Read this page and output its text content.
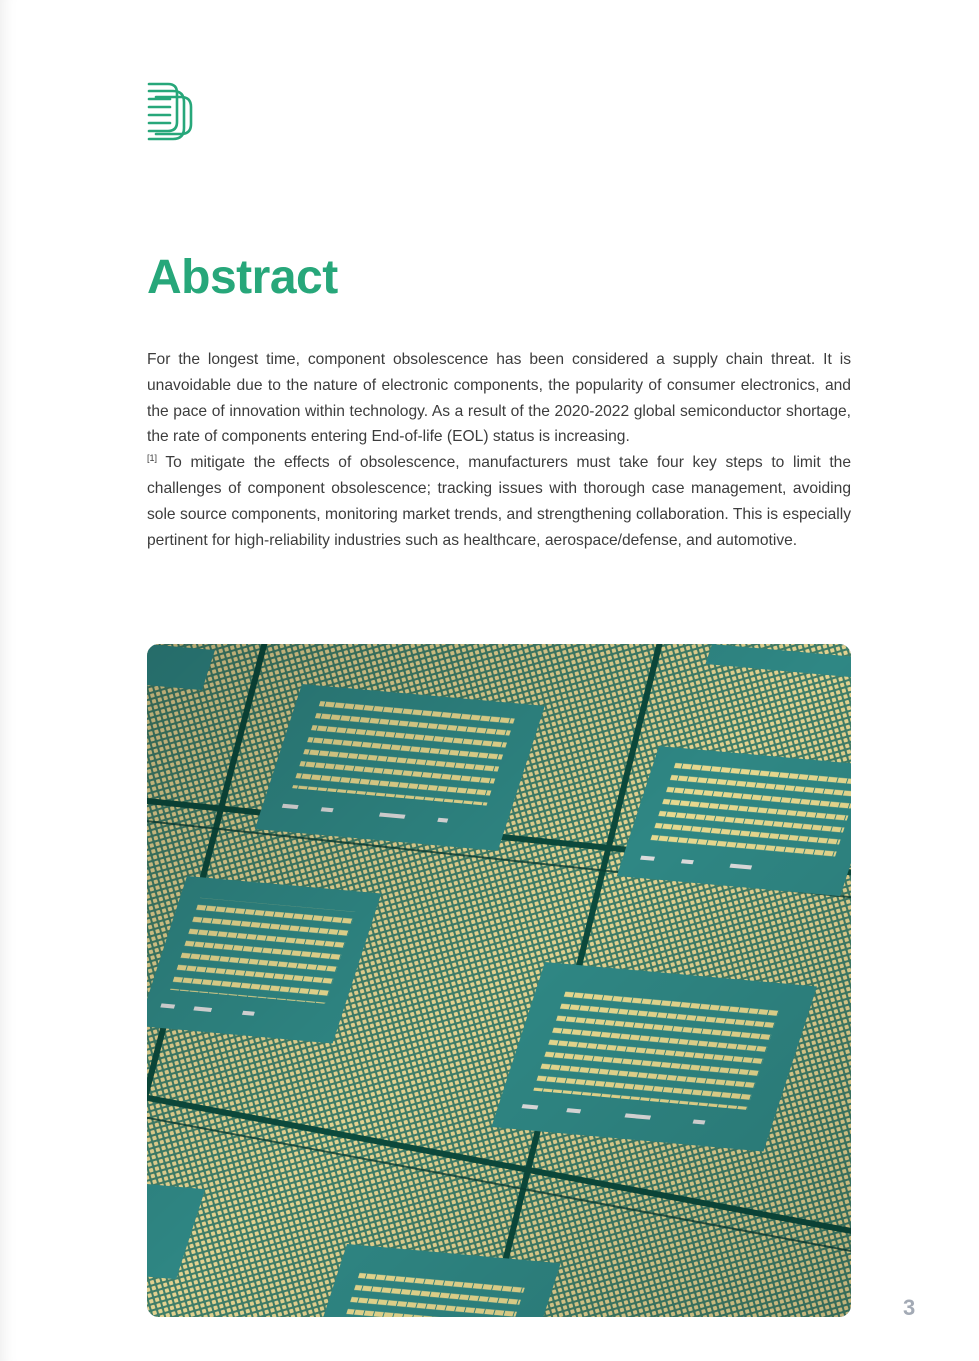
Abstract

For the longest time, component obsolescence has been considered a supply chain threat. It is unavoidable due to the nature of electronic components, the popularity of consumer electronics, and the pace of innovation within technology. As a result of the 2020-2022 global semiconductor shortage, the rate of components entering End-of-life (EOL) status is increasing.
[1] To mitigate the effects of obsolescence, manufacturers must take four key steps to limit the challenges of component obsolescence; tracking issues with thorough case management, avoiding sole source components, monitoring market trends, and strengthening collaboration. This is especially pertinent for high-reliability industries such as healthcare, aerospace/defense, and automotive.

3
